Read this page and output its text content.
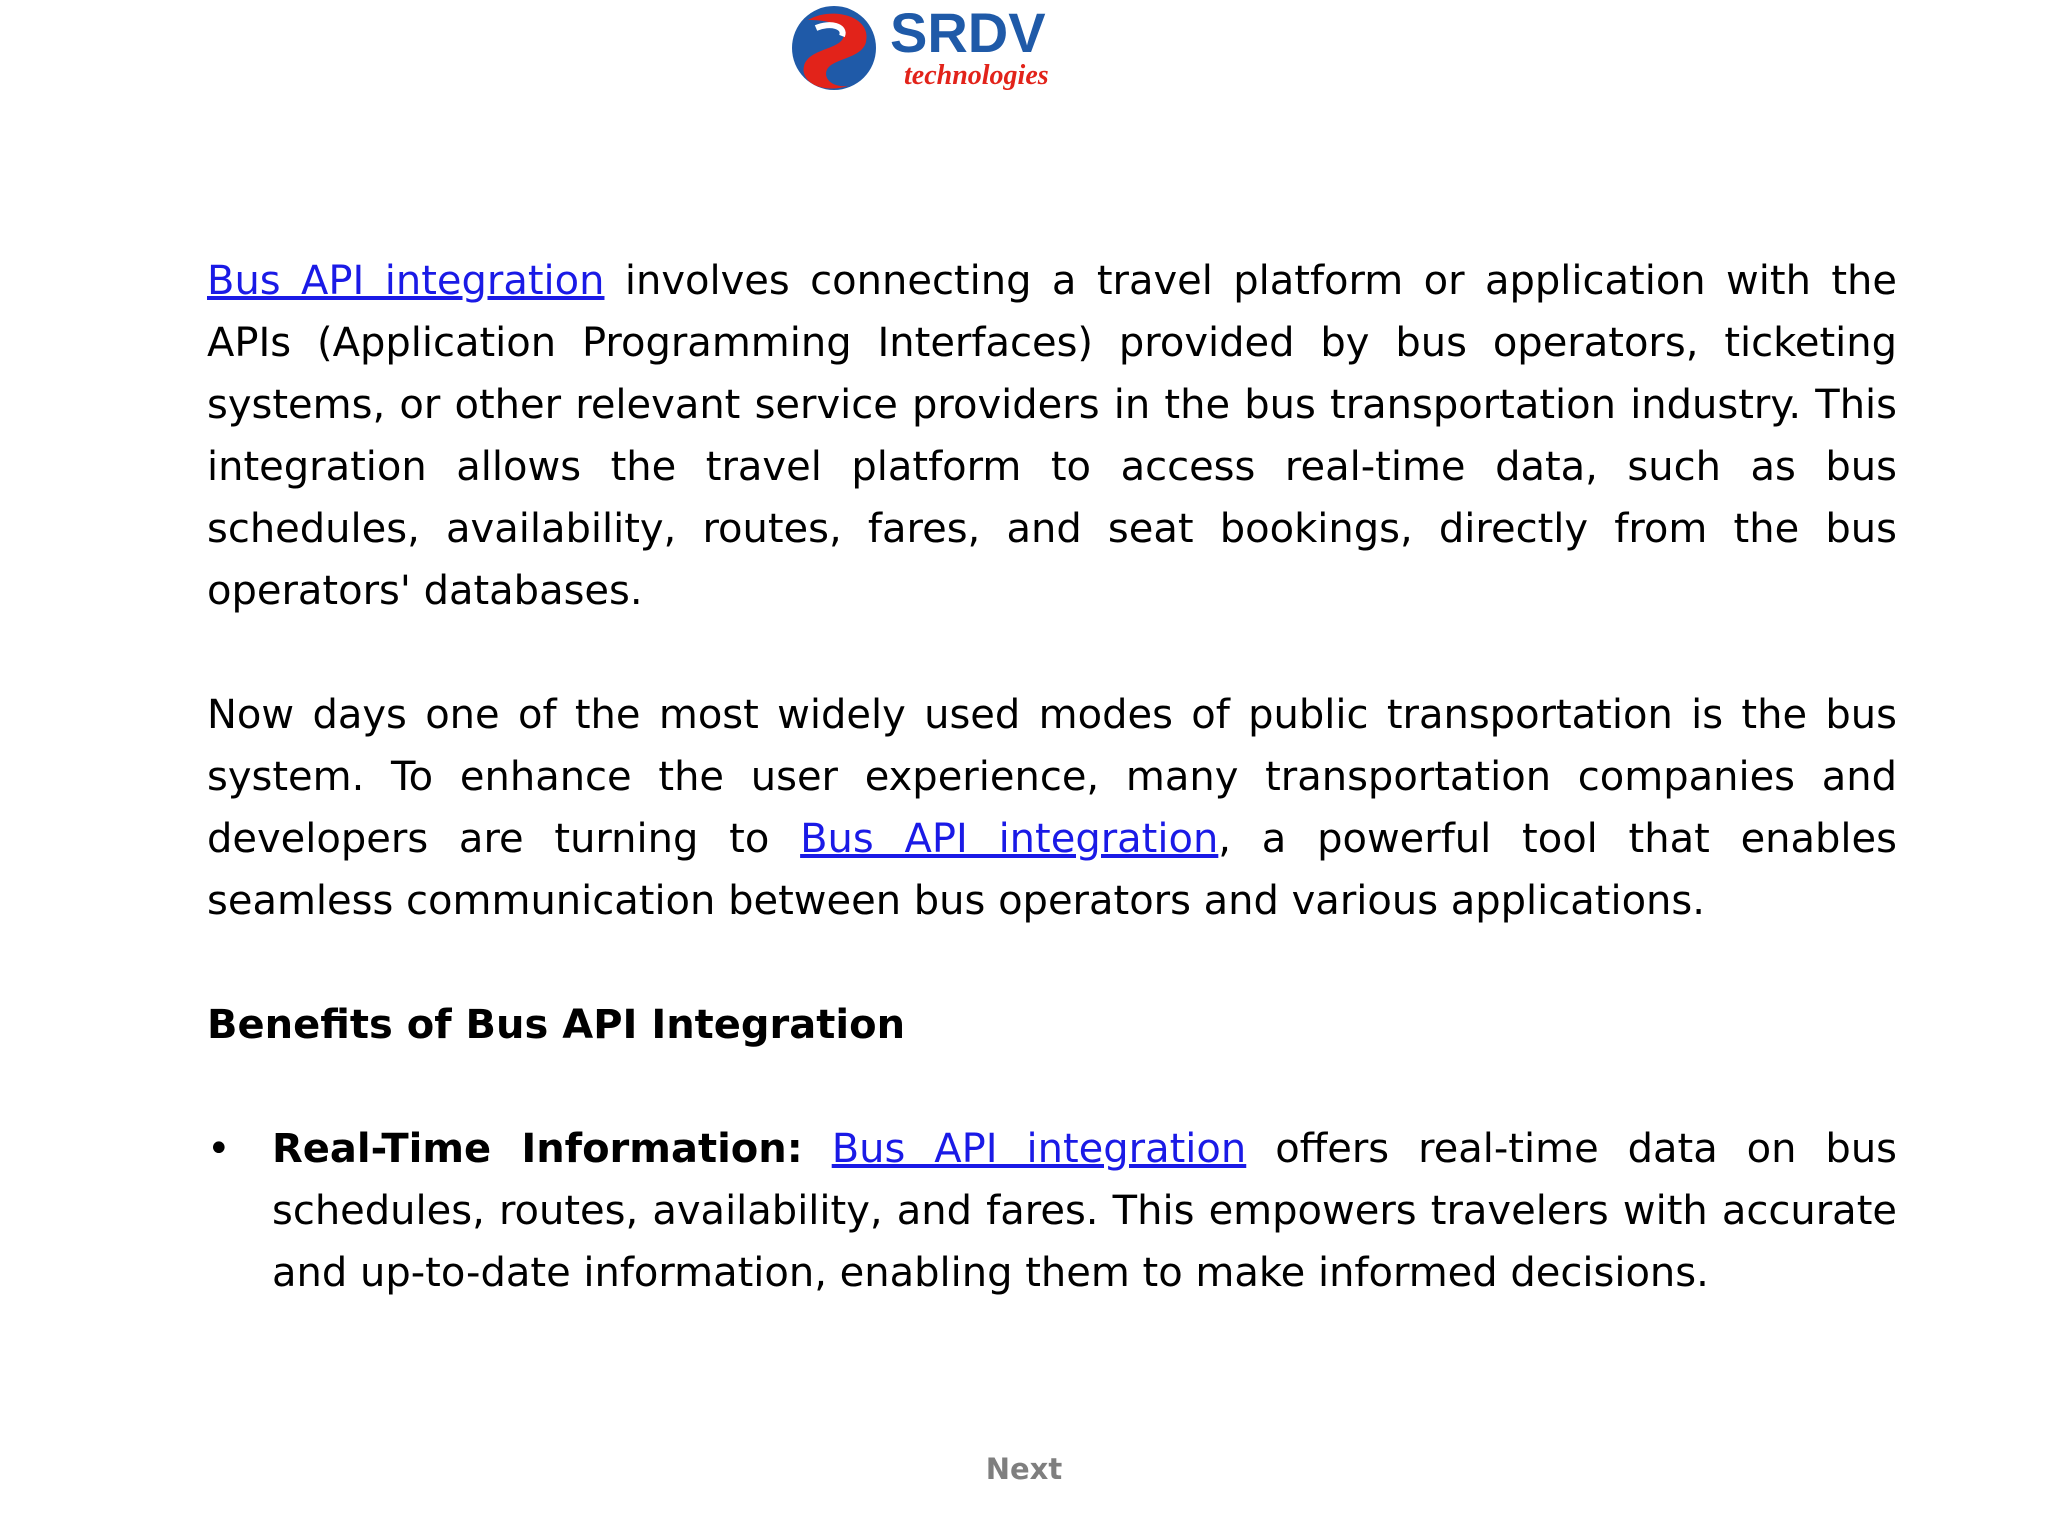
SRDV
technologies

Bus API integration involves connecting a travel platform or application with the APIs (Application Programming Interfaces) provided by bus operators, ticketing systems, or other relevant service providers in the bus transportation industry. This integration allows the travel platform to access real-time data, such as bus schedules, availability, routes, fares, and seat bookings, directly from the bus operators' databases.

Now days one of the most widely used modes of public transportation is the bus system. To enhance the user experience, many transportation companies and developers are turning to Bus API integration, a powerful tool that enables seamless communication between bus operators and various applications.

Benefits of Bus API Integration

• Real-Time Information: Bus API integration offers real-time data on bus schedules, routes, availability, and fares. This empowers travelers with accurate and up-to-date information, enabling them to make informed decisions.
Next
